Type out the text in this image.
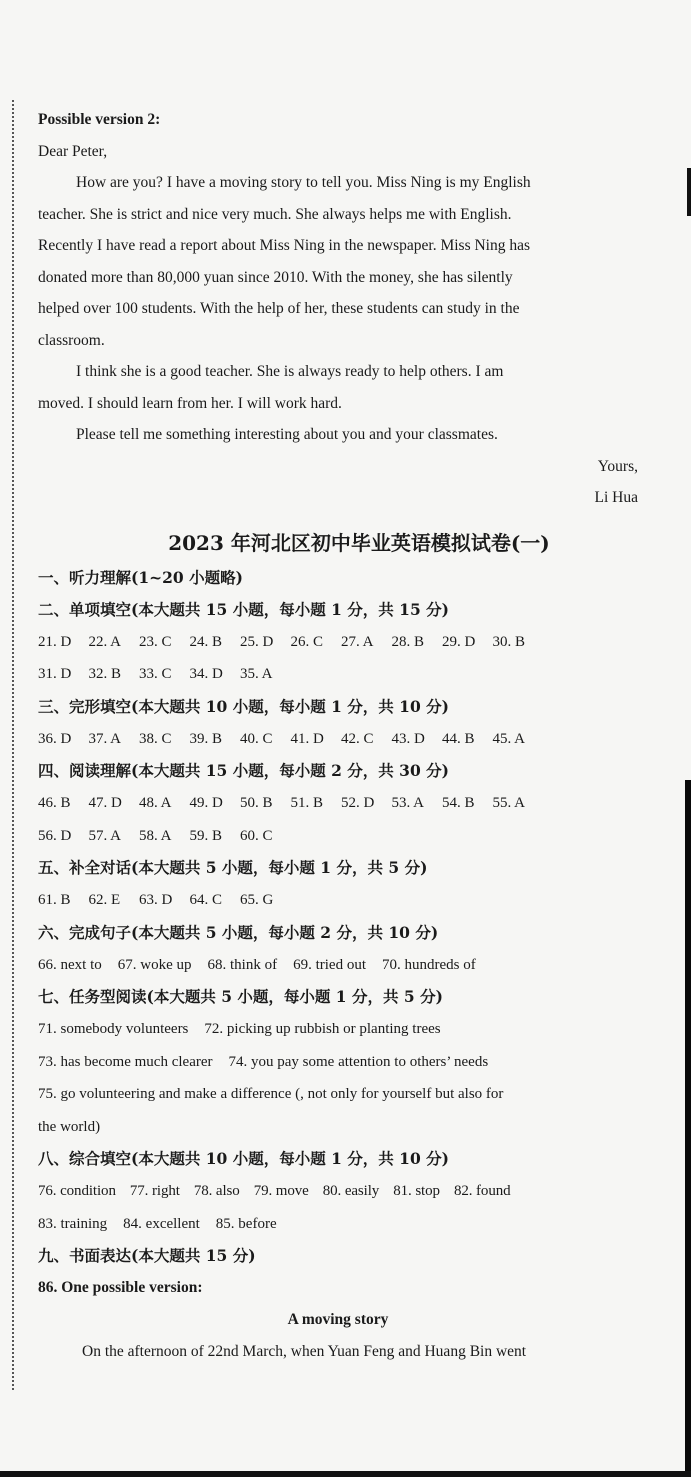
Possible version 2:
Dear Peter,
How are you? I have a moving story to tell you. Miss Ning is my English
teacher. She is strict and nice very much. She always helps me with English.
Recently I have read a report about Miss Ning in the newspaper. Miss Ning has
donated more than 80,000 yuan since 2010. With the money, she has silently
helped over 100 students. With the help of her, these students can study in the
classroom.
I think she is a good teacher. She is always ready to help others. I am
moved. I should learn from her. I will work hard.
Please tell me something interesting about you and your classmates.
Yours,
Li Hua
2023 年河北区初中毕业英语模拟试卷(一)
一、听力理解(1~20 小题略)
二、单项填空(本大题共 15 小题，每小题 1 分，共 15 分)
21. D 22. A 23. C 24. B 25. D 26. C 27. A 28. B 29. D 30. B
31. D 32. B 33. C 34. D 35. A
三、完形填空(本大题共 10 小题，每小题 1 分，共 10 分)
36. D 37. A 38. C 39. B 40. C 41. D 42. C 43. D 44. B 45. A
四、阅读理解(本大题共 15 小题，每小题 2 分，共 30 分)
46. B 47. D 48. A 49. D 50. B 51. B 52. D 53. A 54. B 55. A
56. D 57. A 58. A 59. B 60. C
五、补全对话(本大题共 5 小题，每小题 1 分，共 5 分)
61. B 62. E 63. D 64. C 65. G
六、完成句子(本大题共 5 小题，每小题 2 分，共 10 分)
66. next to 67. woke up 68. think of 69. tried out 70. hundreds of
七、任务型阅读(本大题共 5 小题，每小题 1 分，共 5 分)
71. somebody volunteers 72. picking up rubbish or planting trees
73. has become much clearer 74. you pay some attention to others’ needs
75. go volunteering and make a difference (, not only for yourself but also for
the world)
八、综合填空(本大题共 10 小题，每小题 1 分，共 10 分)
76. condition 77. right 78. also 79. move 80. easily 81. stop 82. found
83. training 84. excellent 85. before
九、书面表达(本大题共 15 分)
86. One possible version:
A moving story
On the afternoon of 22nd March, when Yuan Feng and Huang Bin went
